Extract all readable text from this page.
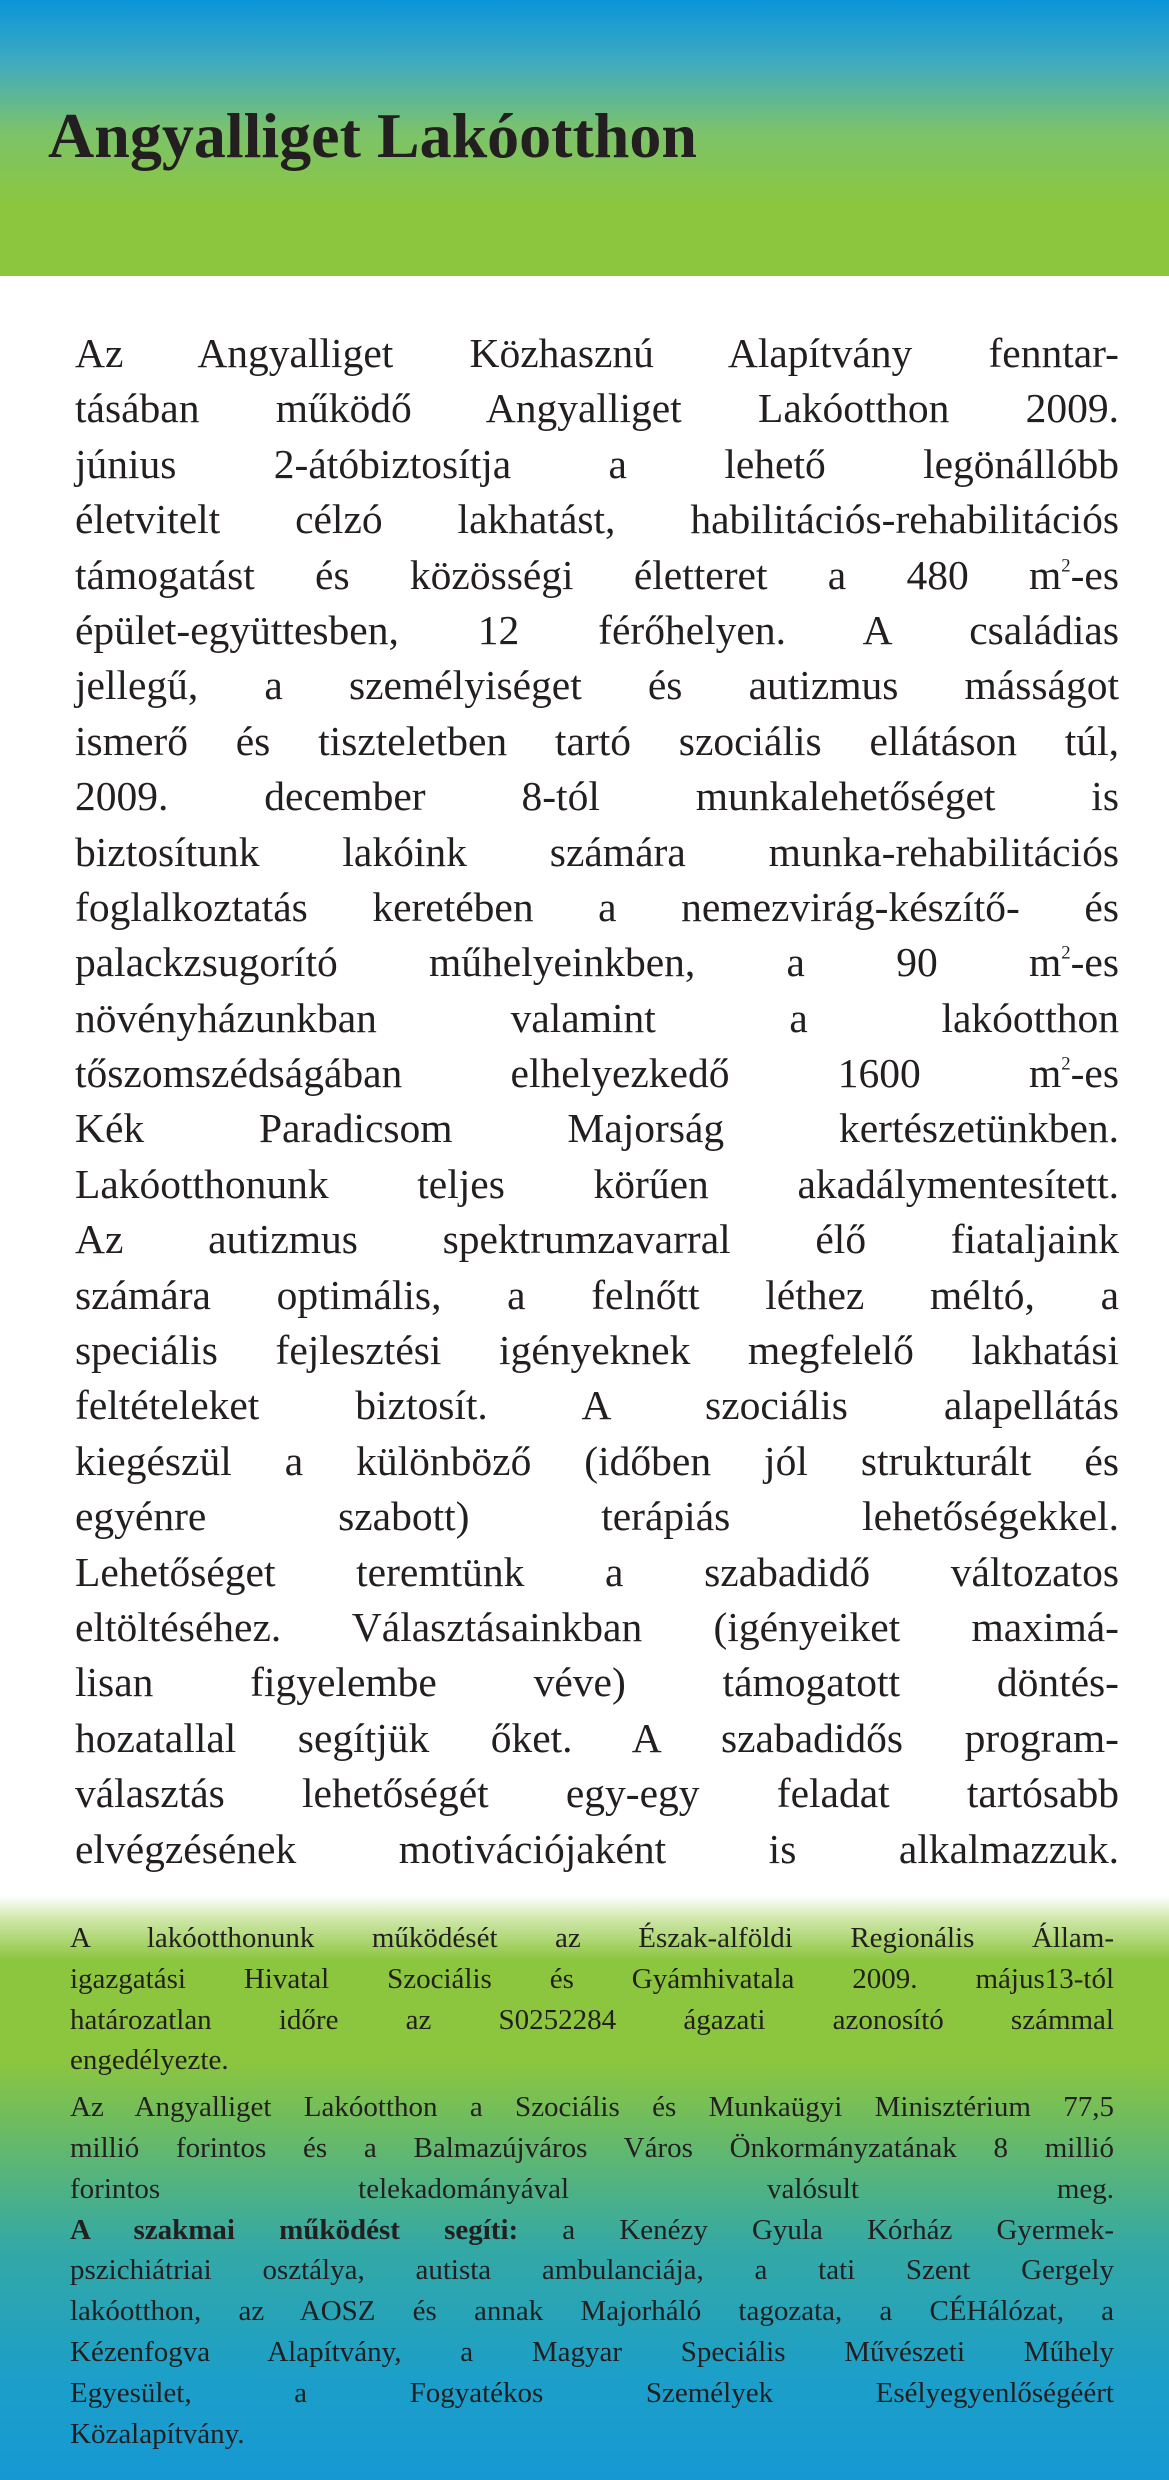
Angyalliget Lakóotthon
Az Angyalliget Közhasznú Alapítvány fenntar-
tásában működő Angyalliget Lakóotthon 2009.
június 2-átóbiztosítja a lehető legönállóbb
életvitelt célzó lakhatást, habilitációs-rehabilitációs
támogatást és közösségi életteret a 480 $m^2-es$
épület-együttesben, 12 férőhelyen. A családias
jellegű, a személyiséget és autizmus másságot
ismerő és tiszteletben tartó szociális ellátáson túl,
2009. december 8-tól munkalehetőséget is
biztosítunk lakóink számára munka-rehabilitációs
foglalkoztatás keretében a nemezvirág-készítő- és
palackzsugorító műhelyeinkben, a 90 $m^2-es$
növényházunkban valamint a lakóotthon
tőszomszédságában elhelyezkedő 1600 $m^2-es$
Kék Paradicsom Majorság kertészetünkben.
Lakóotthonunk teljes körűen akadálymentesített.
Az autizmus spektrumzavarral élő fiataljaink
számára optimális, a felnőtt léthez méltó, a
speciális fejlesztési igényeknek megfelelő lakhatási
feltételeket biztosít. A szociális alapellátás
kiegészül a különböző (időben jól strukturált és
egyénre szabott) terápiás lehetőségekkel.
Lehetőséget teremtünk a szabadidő változatos
eltöltéséhez. Választásainkban (igényeiket maximá-
lisan figyelembe véve) támogatott döntés-
hozatallal segítjük őket. A szabadidős program-
választás lehetőségét egy-egy feladat tartósabb
elvégzésének motivációjaként is alkalmazzuk.
A lakóotthonunk működését az Észak-alföldi Regionális Állam-
igazgatási Hivatal Szociális és Gyámhivatala 2009. május13-tól
határozatlan időre az S0252284 ágazati azonosító számmal
engedélyezte.
Az Angyalliget Lakóotthon a Szociális és Munkaügyi Minisztérium 77,5
millió forintos és a Balmazújváros Város Önkormányzatának 8 millió
forintos telekadományával valósult meg.
A szakmai működést segíti: a Kenézy Gyula Kórház Gyermek-
pszichiátriai osztálya, autista ambulanciája, a tati Szent Gergely
lakóotthon, az AOSZ és annak Majorháló tagozata, a CÉHálózat, a
Kézenfogva Alapítvány, a Magyar Speciális Művészeti Műhely
Egyesület, a Fogyatékos Személyek Esélyegyenlőségéért
Közalapítvány.
